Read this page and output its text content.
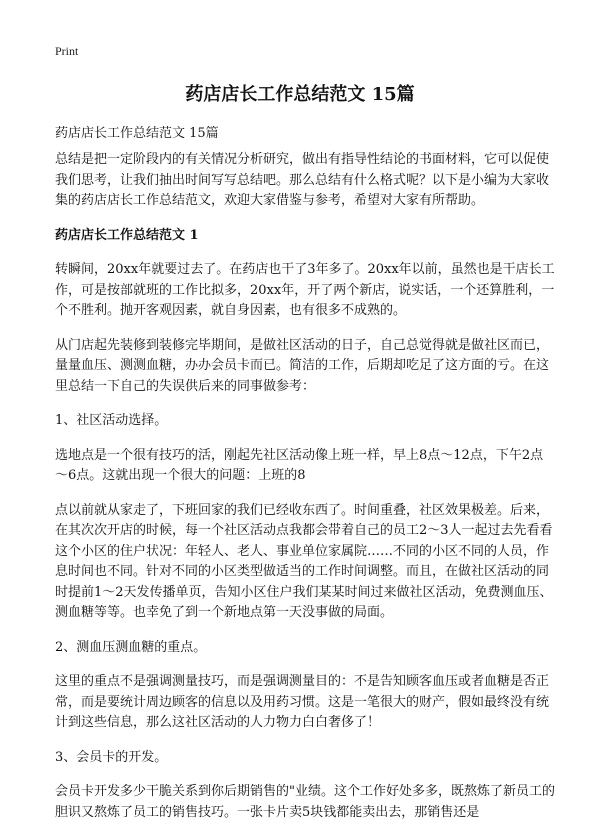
Print
药店店长工作总结范文 15篇
药店店长工作总结范文 15篇

总结是把一定阶段内的有关情况分析研究，做出有指导性结论的书面材料，它可以促使我们思考，让我们抽出时间写写总结吧。那么总结有什么格式呢？以下是小编为大家收集的药店店长工作总结范文，欢迎大家借鉴与参考，希望对大家有所帮助。

药店店长工作总结范文 1

转瞬间，20xx年就要过去了。在药店也干了3年多了。20xx年以前，虽然也是干店长工作，可是按部就班的工作比拟多，20xx年，开了两个新店，说实话，一个还算胜利，一个不胜利。抛开客观因素，就自身因素，也有很多不成熟的。

从门店起先装修到装修完毕期间，是做社区活动的日子，自己总觉得就是做社区而已，量量血压、测测血糖，办办会员卡而已。简洁的工作，后期却吃足了这方面的亏。在这里总结一下自己的失误供后来的同事做参考：

1、社区活动选择。

选地点是一个很有技巧的活，刚起先社区活动像上班一样，早上8点～12点，下午2点～6点。这就出现一个很大的问题：上班的8

点以前就从家走了，下班回家的我们已经收东西了。时间重叠，社区效果极差。后来，在其次次开店的时候，每一个社区活动点我都会带着自己的员工2～3人一起过去先看看这个小区的住户状况：年轻人、老人、事业单位家属院……不同的小区不同的人员，作息时间也不同。针对不同的小区类型做适当的工作时间调整。而且，在做社区活动的同时提前1～2天发传播单页，告知小区住户我们某某时间过来做社区活动，免费测血压、测血糖等等。也幸免了到一个新地点第一天没事做的局面。

2、测血压测血糖的重点。

这里的重点不是强调测量技巧，而是强调测量目的：不是告知顾客血压或者血糖是否正常，而是要统计周边顾客的信息以及用药习惯。这是一笔很大的财产，假如最终没有统计到这些信息，那么这社区活动的人力物力白白奢侈了！

3、会员卡的开发。

会员卡开发多少干脆关系到你后期销售的"业绩。这个工作好处多多，既熬炼了新员工的胆识又熬炼了员工的销售技巧。一张卡片卖5块钱都能卖出去，那销售还是
